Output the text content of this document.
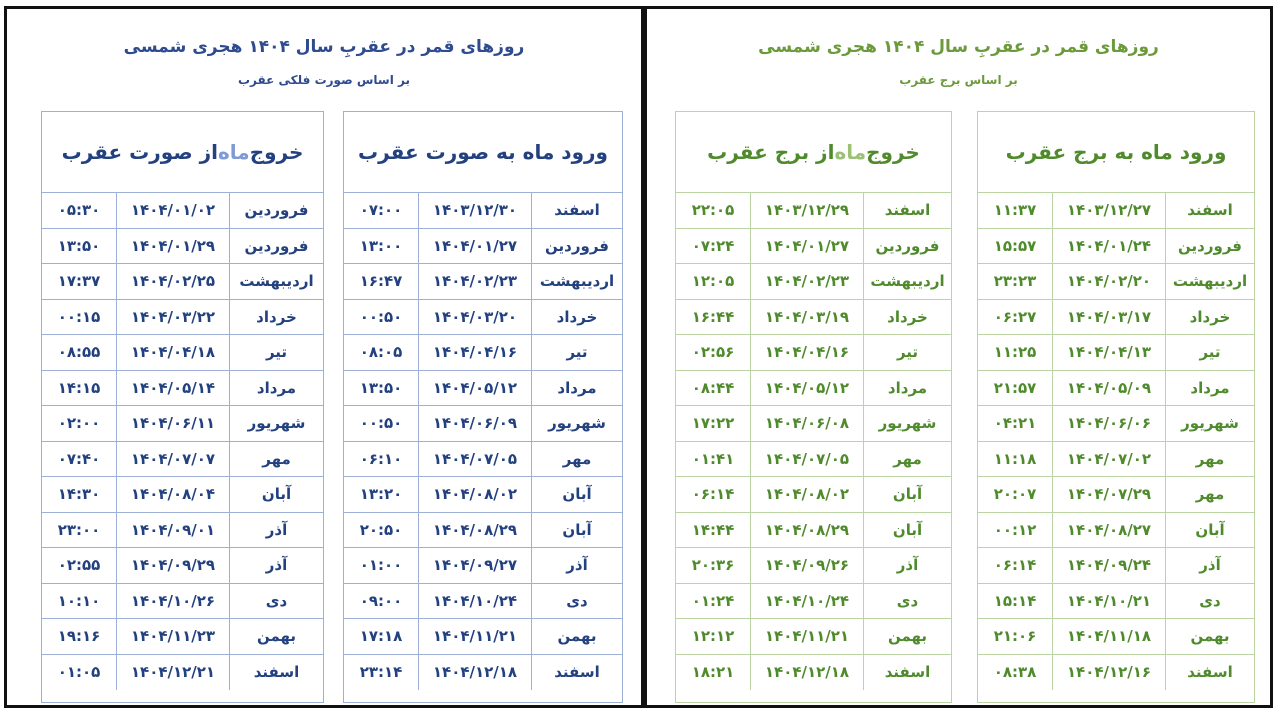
روزهای قمر در عقربِ سال ۱۴۰۴ هجری شمسی
بر اساس صورت فلکی عقرب
خروج
ماه
از صورت عقرب
۰۵:۳۰	۱۴۰۴/۰۱/۰۲	فروردین
۱۳:۵۰	۱۴۰۴/۰۱/۲۹	فروردین
۱۷:۳۷	۱۴۰۴/۰۲/۲۵	اردیبهشت
۰۰:۱۵	۱۴۰۴/۰۳/۲۲	خرداد
۰۸:۵۵	۱۴۰۴/۰۴/۱۸	تیر
۱۴:۱۵	۱۴۰۴/۰۵/۱۴	مرداد
۰۲:۰۰	۱۴۰۴/۰۶/۱۱	شهریور
۰۷:۴۰	۱۴۰۴/۰۷/۰۷	مهر
۱۴:۳۰	۱۴۰۴/۰۸/۰۴	آبان
۲۳:۰۰	۱۴۰۴/۰۹/۰۱	آذر
۰۲:۵۵	۱۴۰۴/۰۹/۲۹	آذر
۱۰:۱۰	۱۴۰۴/۱۰/۲۶	دی
۱۹:۱۶	۱۴۰۴/۱۱/۲۳	بهمن
۰۱:۰۵	۱۴۰۴/۱۲/۲۱	اسفند
ورود ماه به صورت عقرب
۰۷:۰۰	۱۴۰۳/۱۲/۳۰	اسفند
۱۳:۰۰	۱۴۰۴/۰۱/۲۷	فروردین
۱۶:۴۷	۱۴۰۴/۰۲/۲۳	اردیبهشت
۰۰:۵۰	۱۴۰۴/۰۳/۲۰	خرداد
۰۸:۰۵	۱۴۰۴/۰۴/۱۶	تیر
۱۳:۵۰	۱۴۰۴/۰۵/۱۲	مرداد
۰۰:۵۰	۱۴۰۴/۰۶/۰۹	شهریور
۰۶:۱۰	۱۴۰۴/۰۷/۰۵	مهر
۱۳:۲۰	۱۴۰۴/۰۸/۰۲	آبان
۲۰:۵۰	۱۴۰۴/۰۸/۲۹	آبان
۰۱:۰۰	۱۴۰۴/۰۹/۲۷	آذر
۰۹:۰۰	۱۴۰۴/۱۰/۲۴	دی
۱۷:۱۸	۱۴۰۴/۱۱/۲۱	بهمن
۲۳:۱۴	۱۴۰۴/۱۲/۱۸	اسفند
روزهای قمر در عقربِ سال ۱۴۰۴ هجری شمسی
بر اساس برج عقرب
خروج
ماه
از برج عقرب
۲۲:۰۵	۱۴۰۳/۱۲/۲۹	اسفند
۰۷:۲۴	۱۴۰۴/۰۱/۲۷	فروردین
۱۲:۰۵	۱۴۰۴/۰۲/۲۳	اردیبهشت
۱۶:۴۴	۱۴۰۴/۰۳/۱۹	خرداد
۰۲:۵۶	۱۴۰۴/۰۴/۱۶	تیر
۰۸:۴۴	۱۴۰۴/۰۵/۱۲	مرداد
۱۷:۲۲	۱۴۰۴/۰۶/۰۸	شهریور
۰۱:۴۱	۱۴۰۴/۰۷/۰۵	مهر
۰۶:۱۴	۱۴۰۴/۰۸/۰۲	آبان
۱۴:۴۴	۱۴۰۴/۰۸/۲۹	آبان
۲۰:۳۶	۱۴۰۴/۰۹/۲۶	آذر
۰۱:۲۴	۱۴۰۴/۱۰/۲۴	دی
۱۲:۱۲	۱۴۰۴/۱۱/۲۱	بهمن
۱۸:۲۱	۱۴۰۴/۱۲/۱۸	اسفند
ورود ماه به برج عقرب
۱۱:۳۷	۱۴۰۳/۱۲/۲۷	اسفند
۱۵:۵۷	۱۴۰۴/۰۱/۲۴	فروردین
۲۳:۲۳	۱۴۰۴/۰۲/۲۰	اردیبهشت
۰۶:۲۷	۱۴۰۴/۰۳/۱۷	خرداد
۱۱:۲۵	۱۴۰۴/۰۴/۱۳	تیر
۲۱:۵۷	۱۴۰۴/۰۵/۰۹	مرداد
۰۴:۲۱	۱۴۰۴/۰۶/۰۶	شهریور
۱۱:۱۸	۱۴۰۴/۰۷/۰۲	مهر
۲۰:۰۷	۱۴۰۴/۰۷/۲۹	مهر
۰۰:۱۲	۱۴۰۴/۰۸/۲۷	آبان
۰۶:۱۴	۱۴۰۴/۰۹/۲۴	آذر
۱۵:۱۴	۱۴۰۴/۱۰/۲۱	دی
۲۱:۰۶	۱۴۰۴/۱۱/۱۸	بهمن
۰۸:۳۸	۱۴۰۴/۱۲/۱۶	اسفند
